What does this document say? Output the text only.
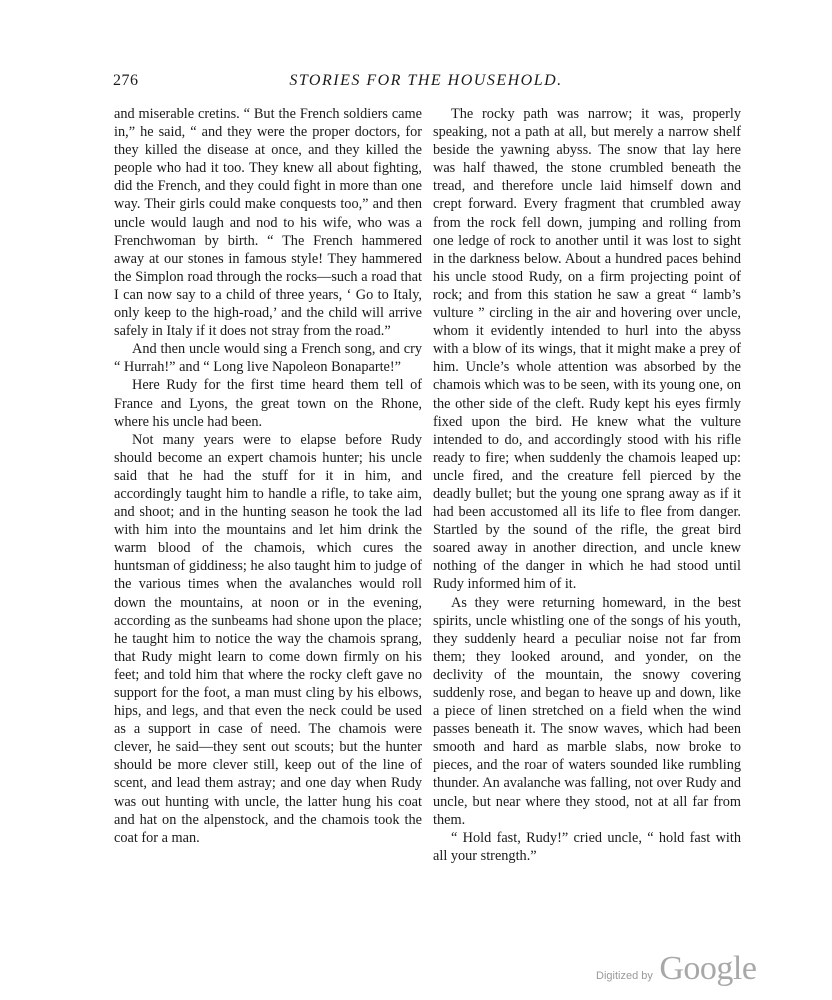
276	STORIES FOR THE HOUSEHOLD.

and miserable cretins. “ But the French soldiers came in,” he said, “ and they were the proper doctors, for they killed the disease at once, and they killed the people who had it too. They knew all about fighting, did the French, and they could fight in more than one way. Their girls could make conquests too,” and then uncle would laugh and nod to his wife, who was a Frenchwoman by birth. “ The French hammered away at our stones in famous style! They hammered the Simplon road through the rocks—such a road that I can now say to a child of three years, ‘ Go to Italy, only keep to the high-road,’ and the child will arrive safely in Italy if it does not stray from the road.”

And then uncle would sing a French song, and cry “ Hurrah!” and “ Long live Napoleon Bonaparte!”

Here Rudy for the first time heard them tell of France and Lyons, the great town on the Rhone, where his uncle had been.

Not many years were to elapse before Rudy should become an expert chamois hunter; his uncle said that he had the stuff for it in him, and accordingly taught him to handle a rifle, to take aim, and shoot; and in the hunting season he took the lad with him into the mountains and let him drink the warm blood of the chamois, which cures the huntsman of giddiness; he also taught him to judge of the various times when the avalanches would roll down the mountains, at noon or in the evening, according as the sunbeams had shone upon the place; he taught him to notice the way the chamois sprang, that Rudy might learn to come down firmly on his feet; and told him that where the rocky cleft gave no support for the foot, a man must cling by his elbows, hips, and legs, and that even the neck could be used as a support in case of need. The chamois were clever, he said—they sent out scouts; but the hunter should be more clever still, keep out of the line of scent, and lead them astray; and one day when Rudy was out hunting with uncle, the latter hung his coat and hat on the alpenstock, and the chamois took the coat for a man.

The rocky path was narrow; it was, properly speaking, not a path at all, but merely a narrow shelf beside the yawning abyss. The snow that lay here was half thawed, the stone crumbled beneath the tread, and therefore uncle laid himself down and crept forward. Every fragment that crumbled away from the rock fell down, jumping and rolling from one ledge of rock to another until it was lost to sight in the darkness below. About a hundred paces behind his uncle stood Rudy, on a firm projecting point of rock; and from this station he saw a great “ lamb’s vulture ” circling in the air and hovering over uncle, whom it evidently intended to hurl into the abyss with a blow of its wings, that it might make a prey of him. Uncle’s whole attention was absorbed by the chamois which was to be seen, with its young one, on the other side of the cleft. Rudy kept his eyes firmly fixed upon the bird. He knew what the vulture intended to do, and accordingly stood with his rifle ready to fire; when suddenly the chamois leaped up: uncle fired, and the creature fell pierced by the deadly bullet; but the young one sprang away as if it had been accustomed all its life to flee from danger. Startled by the sound of the rifle, the great bird soared away in another direction, and uncle knew nothing of the danger in which he had stood until Rudy informed him of it.

As they were returning homeward, in the best spirits, uncle whistling one of the songs of his youth, they suddenly heard a peculiar noise not far from them; they looked around, and yonder, on the declivity of the mountain, the snowy covering suddenly rose, and began to heave up and down, like a piece of linen stretched on a field when the wind passes beneath it. The snow waves, which had been smooth and hard as marble slabs, now broke to pieces, and the roar of waters sounded like rumbling thunder. An avalanche was falling, not over Rudy and uncle, but near where they stood, not at all far from them.

“ Hold fast, Rudy!” cried uncle, “ hold fast with all your strength.”

Digitized by Google
